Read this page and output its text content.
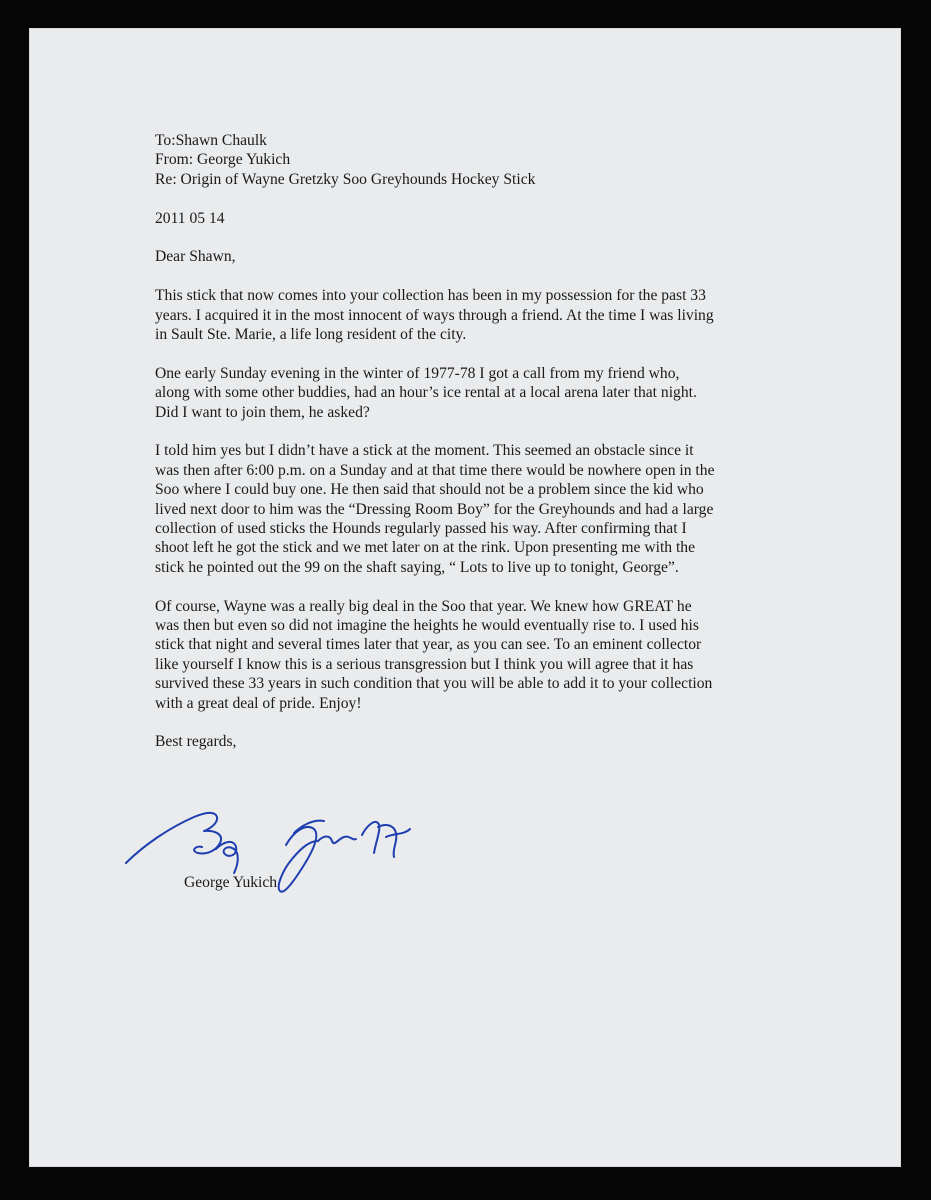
To:Shawn Chaulk
From: George Yukich
Re: Origin of Wayne Gretzky Soo Greyhounds Hockey Stick
2011 05 14
Dear Shawn,
This stick that now comes into your collection has been in my possession for the past 33
years. I acquired it in the most innocent of ways through a friend. At the time I was living
in Sault Ste. Marie, a life long resident of the city.
One early Sunday evening in the winter of 1977-78 I got a call from my friend who,
along with some other buddies, had an hour’s ice rental at a local arena later that night.
Did I want to join them, he asked?
I told him yes but I didn’t have a stick at the moment. This seemed an obstacle since it
was then after 6:00 p.m. on a Sunday and at that time there would be nowhere open in the
Soo where I could buy one. He then said that should not be a problem since the kid who
lived next door to him was the “Dressing Room Boy” for the Greyhounds and had a large
collection of used sticks the Hounds regularly passed his way. After confirming that I
shoot left he got the stick and we met later on at the rink. Upon presenting me with the
stick he pointed out the 99 on the shaft saying, “ Lots to live up to tonight, George”.
Of course, Wayne was a really big deal in the Soo that year. We knew how GREAT he
was then but even so did not imagine the heights he would eventually rise to. I used his
stick that night and several times later that year, as you can see. To an eminent collector
like yourself I know this is a serious transgression but I think you will agree that it has
survived these 33 years in such condition that you will be able to add it to your collection
with a great deal of pride. Enjoy!
Best regards,
George Yukich
